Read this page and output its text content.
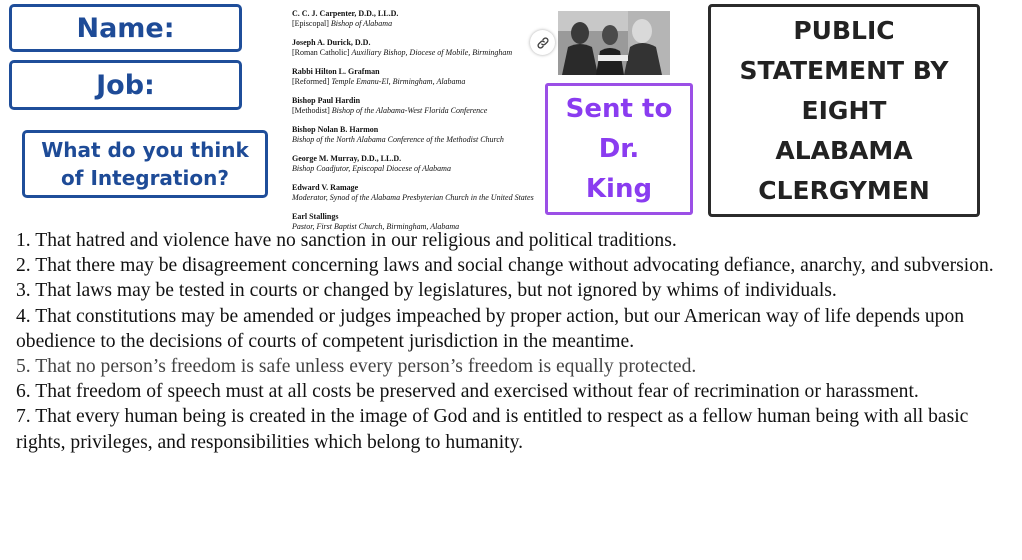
Name:
Job:
What do you think
of Integration?
C. C. J. Carpenter, D.D., LL.D.
[Episcopal] Bishop of Alabama
Joseph A. Durick, D.D.
[Roman Catholic] Auxiliary Bishop, Diocese of Mobile, Birmingham
Rabbi Hilton L. Grafman
[Reformed] Temple Emanu-El, Birmingham, Alabama
Bishop Paul Hardin
[Methodist] Bishop of the Alabama-West Florida Conference
Bishop Nolan B. Harmon
Bishop of the North Alabama Conference of the Methodist Church
George M. Murray, D.D., LL.D.
Bishop Coadjutor, Episcopal Diocese of Alabama
Edward V. Ramage
Moderator, Synod of the Alabama Presbyterian Church in the United States
Earl Stallings
Pastor, First Baptist Church, Birmingham, Alabama
Sent to
Dr.
King
PUBLIC
STATEMENT BY
EIGHT
ALABAMA
CLERGYMEN

1. That hatred and violence have no sanction in our religious and political traditions.

2. That there may be disagreement concerning laws and social change without advocating defiance, anarchy, and subversion.

3. That laws may be tested in courts or changed by legislatures, but not ignored by whims of individuals.

4. That constitutions may be amended or judges impeached by proper action, but our American way of life depends upon obedience to the decisions of courts of competent jurisdiction in the meantime.

5. That no person’s freedom is safe unless every person’s freedom is equally protected.

6. That freedom of speech must at all costs be preserved and exercised without fear of recrimination or harassment.

7. That every human being is created in the image of God and is entitled to respect as a fellow human being with all basic rights, privileges, and responsibilities which belong to humanity.
